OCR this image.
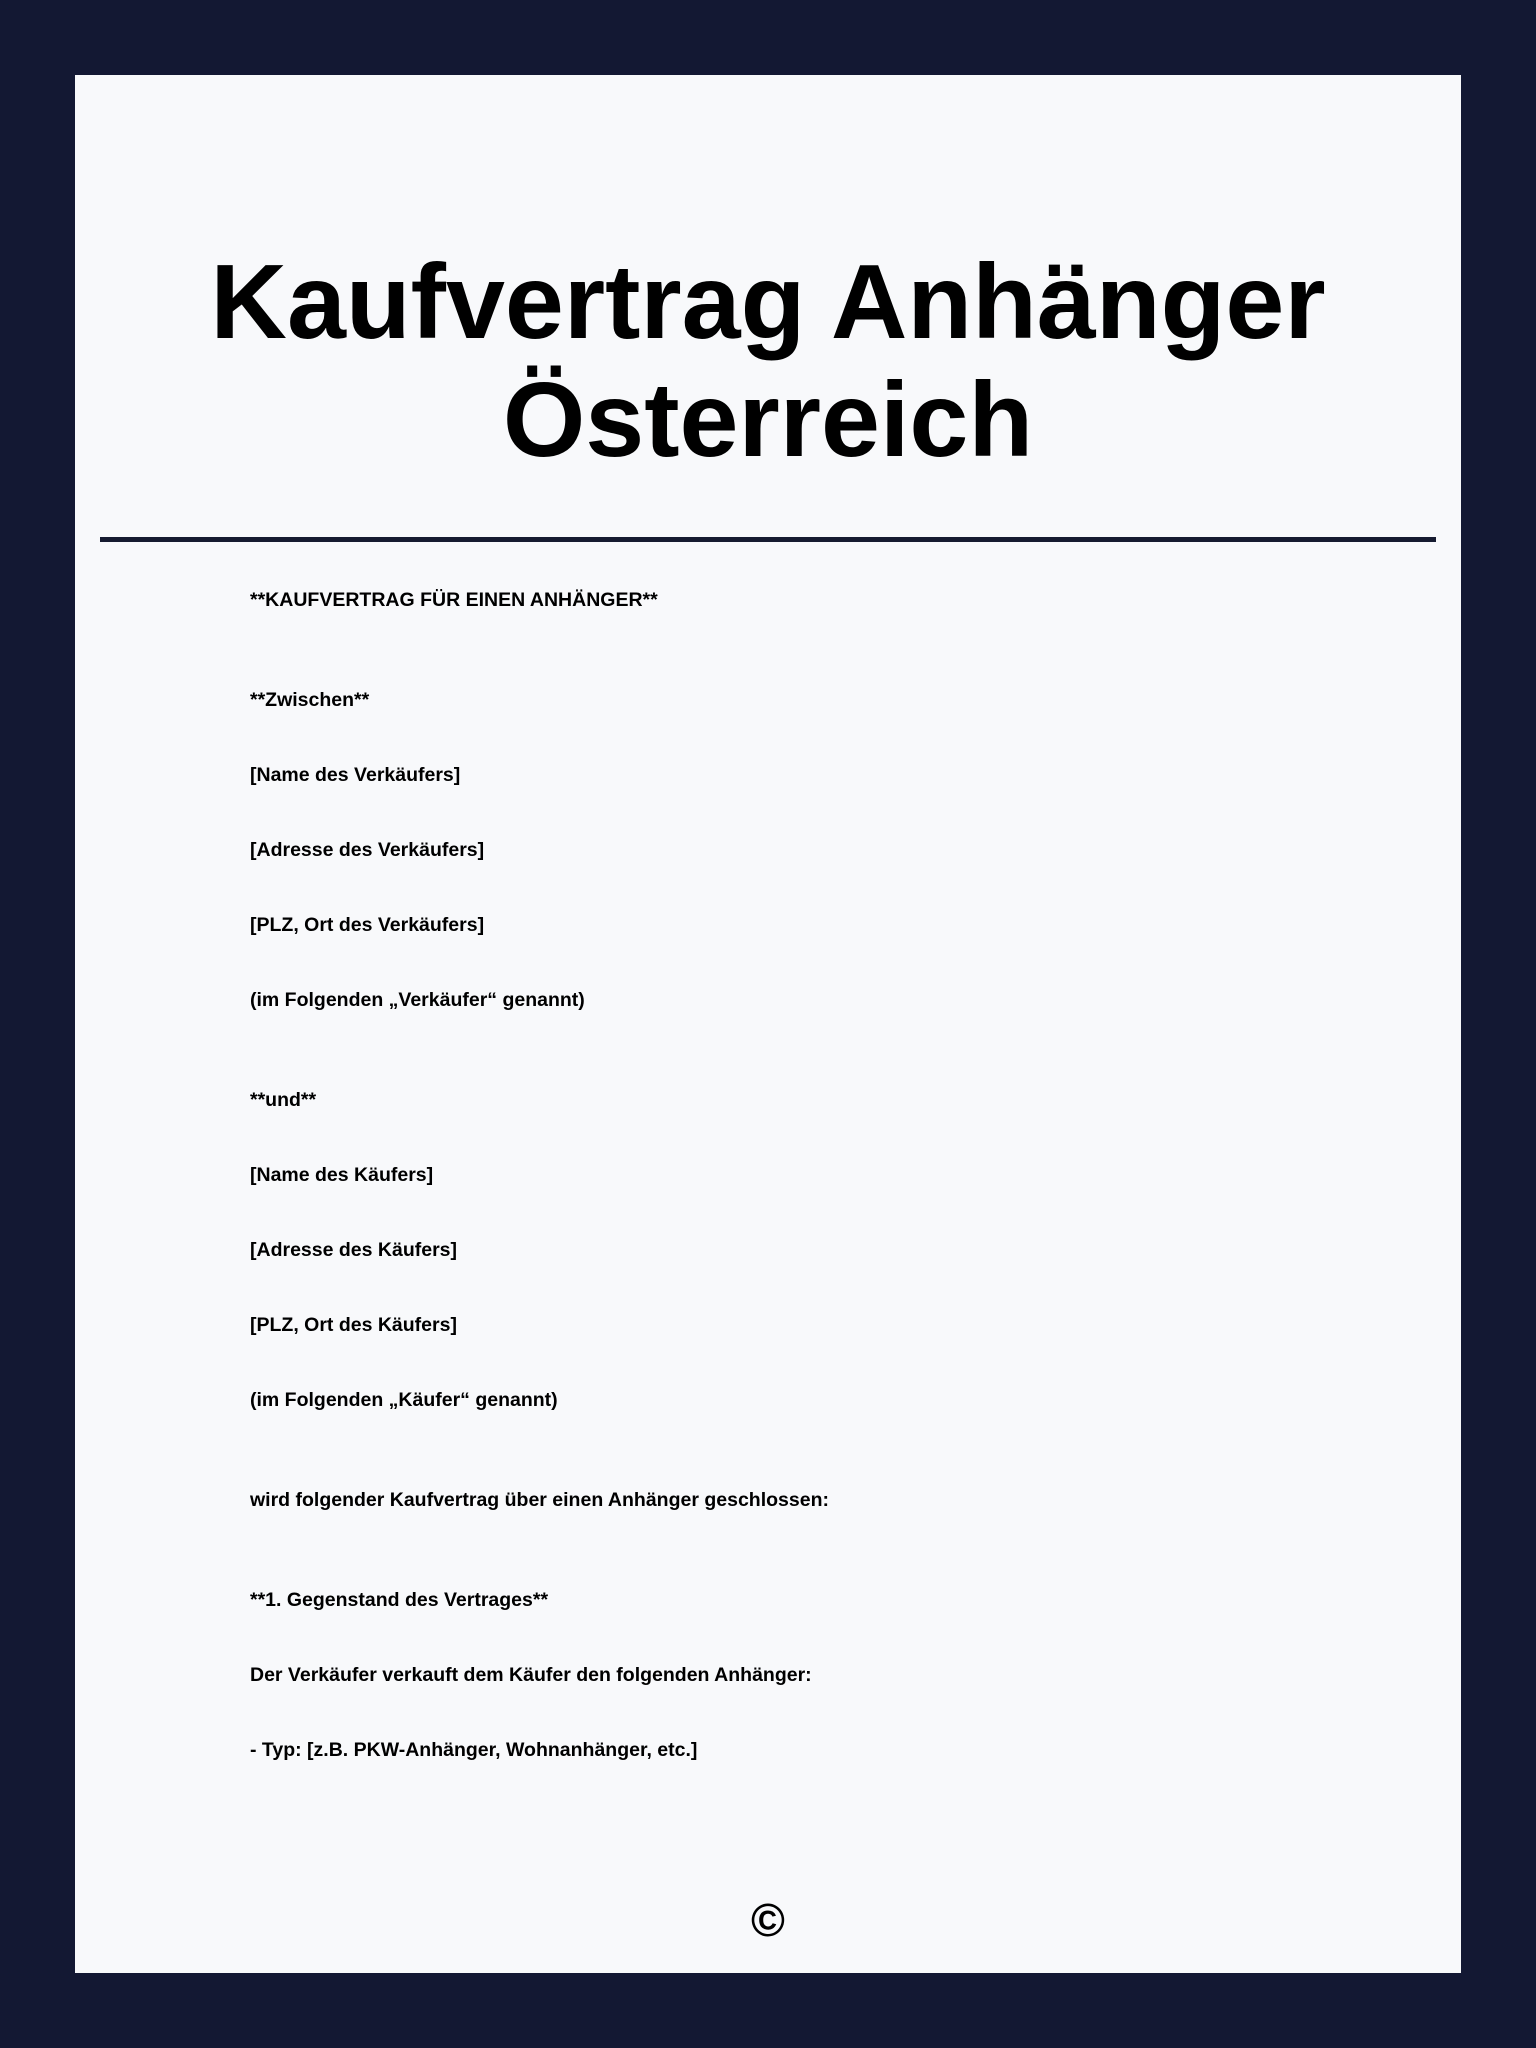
Kaufvertrag Anhänger
Österreich
**KAUFVERTRAG FÜR EINEN ANHÄNGER**
**Zwischen**
[Name des Verkäufers]
[Adresse des Verkäufers]
[PLZ, Ort des Verkäufers]
(im Folgenden „Verkäufer“ genannt)
**und**
[Name des Käufers]
[Adresse des Käufers]
[PLZ, Ort des Käufers]
(im Folgenden „Käufer“ genannt)
wird folgender Kaufvertrag über einen Anhänger geschlossen:
**1. Gegenstand des Vertrages**
Der Verkäufer verkauft dem Käufer den folgenden Anhänger:
- Typ: [z.B. PKW-Anhänger, Wohnanhänger, etc.]
©
